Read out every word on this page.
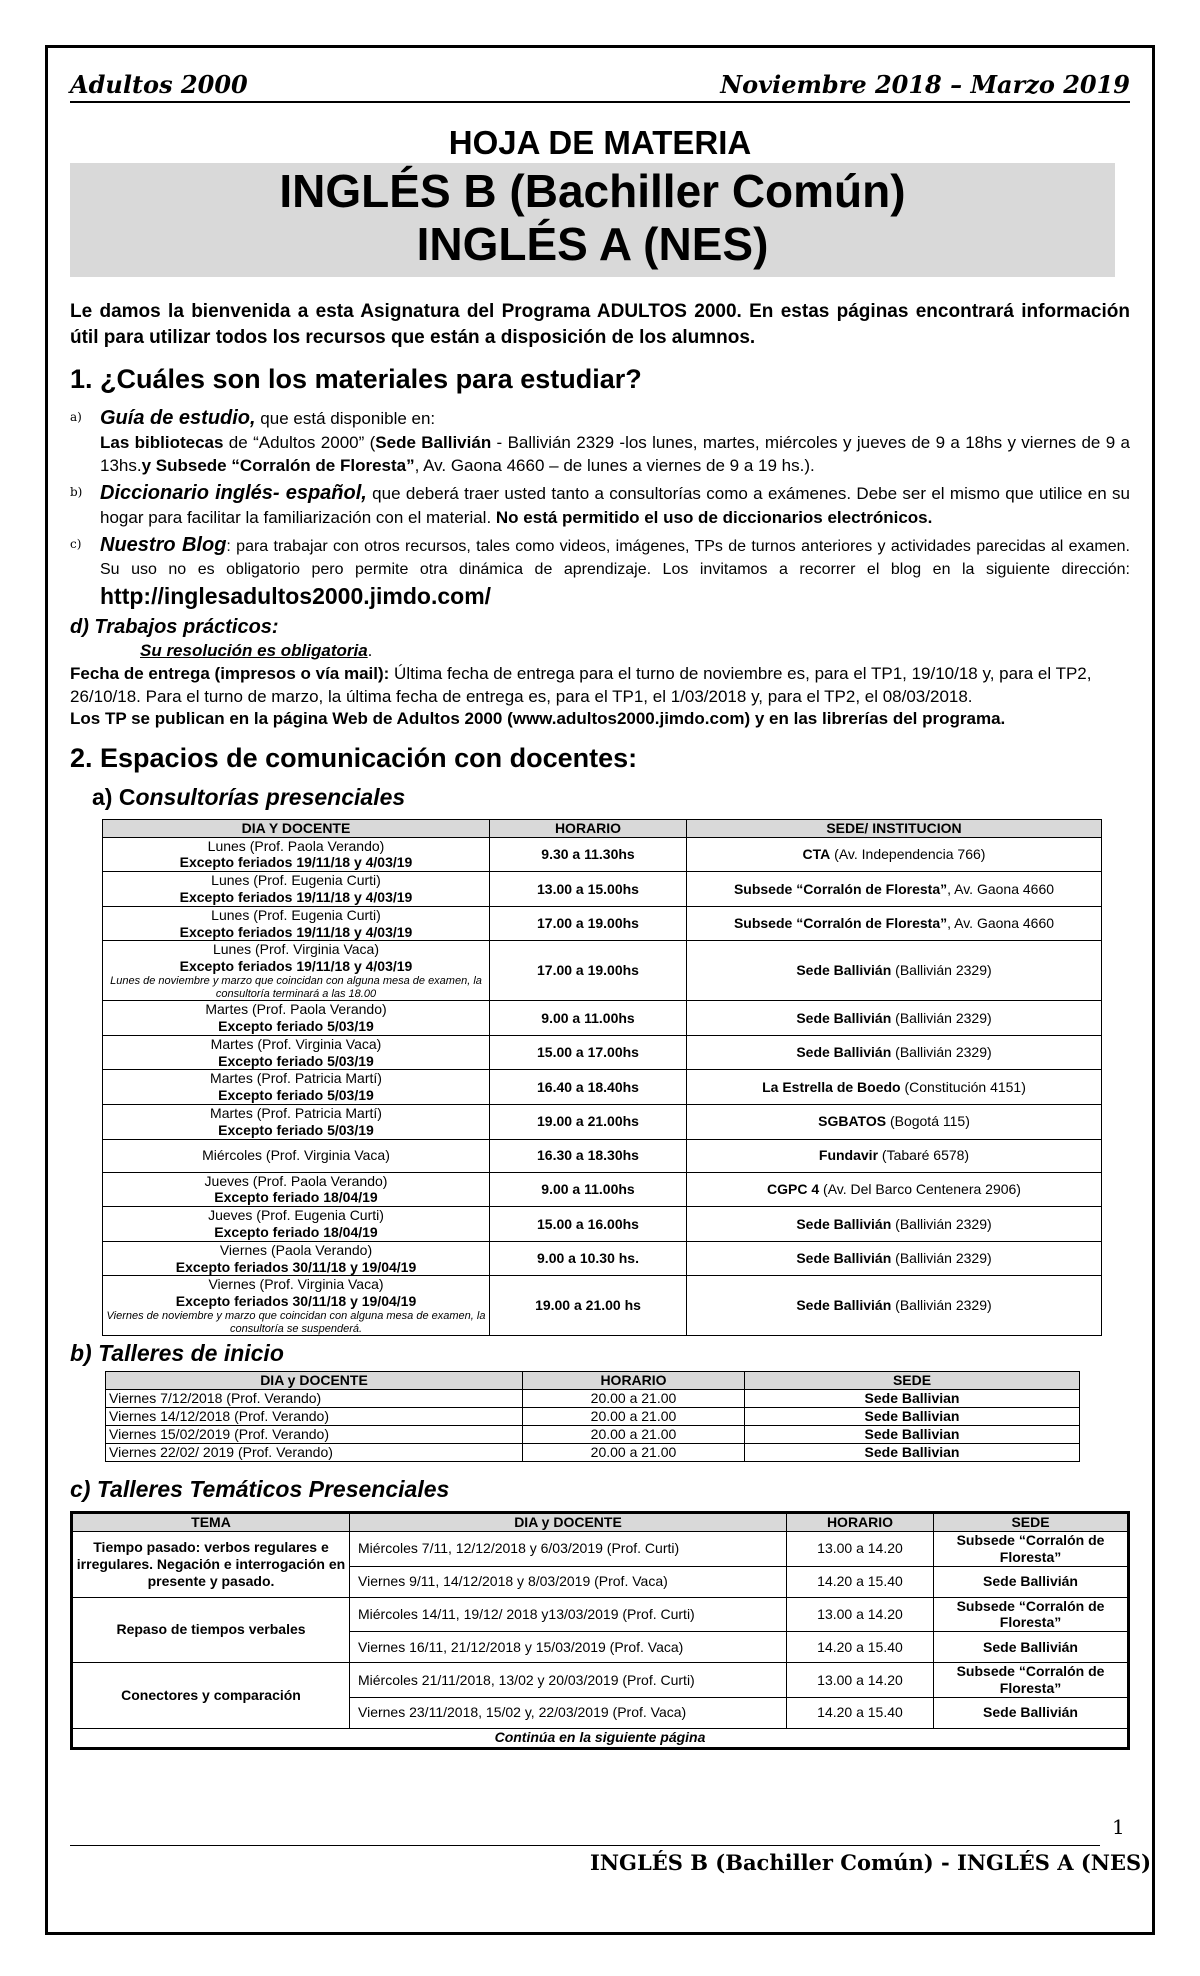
Adultos 2000	Noviembre 2018 – Marzo 2019
HOJA DE MATERIA
INGLÉS B (Bachiller Común)
INGLÉS A (NES)
Le damos la bienvenida a esta Asignatura del Programa ADULTOS 2000. En estas páginas encontrará información útil para utilizar todos los recursos que están a disposición de los alumnos.
1. ¿Cuáles son los materiales para estudiar?
a) Guía de estudio, que está disponible en:
Las bibliotecas de “Adultos 2000” (Sede Ballivián - Ballivián 2329 -los lunes, martes, miércoles y jueves de 9 a 18hs y viernes de 9 a 13hs.y Subsede “Corralón de Floresta”, Av. Gaona 4660 – de lunes a viernes de 9 a 19 hs.).
b) Diccionario inglés- español, que deberá traer usted tanto a consultorías como a exámenes. Debe ser el mismo que utilice en su hogar para facilitar la familiarización con el material. No está permitido el uso de diccionarios electrónicos.
c) Nuestro Blog: para trabajar con otros recursos, tales como videos, imágenes, TPs de turnos anteriores y actividades parecidas al examen. Su uso no es obligatorio pero permite otra dinámica de aprendizaje. Los invitamos a recorrer el blog en la siguiente dirección: http://inglesadultos2000.jimdo.com/
d) Trabajos prácticos:
Su resolución es obligatoria.
Fecha de entrega (impresos o vía mail): Última fecha de entrega para el turno de noviembre es, para el TP1, 19/10/18 y, para el TP2, 26/10/18. Para el turno de marzo, la última fecha de entrega es, para el TP1, el 1/03/2018 y, para el TP2, el 08/03/2018.
Los TP se publican en la página Web de Adultos 2000 (www.adultos2000.jimdo.com) y en las librerías del programa.
2. Espacios de comunicación con docentes:
a) Consultorías presenciales
DIA Y DOCENTE	HORARIO	SEDE/ INSTITUCION

Lunes (Prof. Paola Verando)
Excepto feriados 19/11/18 y 4/03/19	9.30 a 11.30hs	CTA (Av. Independencia 766)

Lunes (Prof. Eugenia Curti)
Excepto feriados 19/11/18 y 4/03/19	13.00 a 15.00hs	Subsede “Corralón de Floresta”, Av. Gaona 4660

Lunes (Prof. Eugenia Curti)
Excepto feriados 19/11/18 y 4/03/19	17.00 a 19.00hs	Subsede “Corralón de Floresta”, Av. Gaona 4660

Lunes (Prof. Virginia Vaca)
Excepto feriados 19/11/18 y 4/03/19
Lunes de noviembre y marzo que coincidan con alguna mesa de examen, la consultoría terminará a las 18.00	17.00 a 19.00hs	Sede Ballivián (Ballivián 2329)

Martes (Prof. Paola Verando)
Excepto feriado 5/03/19	9.00 a 11.00hs	Sede Ballivián (Ballivián 2329)

Martes (Prof. Virginia Vaca)
Excepto feriado 5/03/19	15.00 a 17.00hs	Sede Ballivián (Ballivián 2329)

Martes (Prof. Patricia Martí)
Excepto feriado 5/03/19	16.40 a 18.40hs	La Estrella de Boedo (Constitución 4151)

Martes (Prof. Patricia Martí)
Excepto feriado 5/03/19	19.00 a 21.00hs	SGBATOS (Bogotá 115)

Miércoles (Prof. Virginia Vaca)	16.30 a 18.30hs	Fundavir (Tabaré 6578)

Jueves (Prof. Paola Verando)
Excepto feriado 18/04/19	9.00 a 11.00hs	CGPC 4 (Av. Del Barco Centenera 2906)

Jueves (Prof. Eugenia Curti)
Excepto feriado 18/04/19	15.00 a 16.00hs	Sede Ballivián (Ballivián 2329)

Viernes (Paola Verando)
Excepto feriados 30/11/18 y 19/04/19	9.00 a 10.30 hs.	Sede Ballivián (Ballivián 2329)

Viernes (Prof. Virginia Vaca)
Excepto feriados 30/11/18 y 19/04/19
Viernes de noviembre y marzo que coincidan con alguna mesa de examen, la consultoría se suspenderá.	19.00 a 21.00 hs	Sede Ballivián (Ballivián 2329)
b) Talleres de inicio
DIA y DOCENTE	HORARIO	SEDE
Viernes 7/12/2018 (Prof. Verando)	20.00 a 21.00	Sede Ballivian
Viernes 14/12/2018 (Prof. Verando)	20.00 a 21.00	Sede Ballivian
Viernes 15/02/2019 (Prof. Verando)	20.00 a 21.00	Sede Ballivian
Viernes 22/02/ 2019 (Prof. Verando)	20.00 a 21.00	Sede Ballivian
c) Talleres Temáticos Presenciales
TEMA	DIA y DOCENTE	HORARIO	SEDE
Tiempo pasado: verbos regulares e irregulares. Negación e interrogación en presente y pasado.	Miércoles 7/11, 12/12/2018 y 6/03/2019 (Prof. Curti)	13.00 a 14.20	Subsede “Corralón de Floresta”
	Viernes 9/11, 14/12/2018 y 8/03/2019 (Prof. Vaca)	14.20 a 15.40	Sede Ballivián
Repaso de tiempos verbales	Miércoles 14/11, 19/12/ 2018 y13/03/2019 (Prof. Curti)	13.00 a 14.20	Subsede “Corralón de Floresta”
	Viernes 16/11, 21/12/2018 y 15/03/2019 (Prof. Vaca)	14.20 a 15.40	Sede Ballivián
Conectores y comparación	Miércoles 21/11/2018, 13/02 y 20/03/2019 (Prof. Curti)	13.00 a 14.20	Subsede “Corralón de Floresta”
	Viernes 23/11/2018, 15/02 y, 22/03/2019 (Prof. Vaca)	14.20 a 15.40	Sede Ballivián
Continúa en la siguiente página			
1
INGLÉS B (Bachiller Común) - INGLÉS A (NES)
